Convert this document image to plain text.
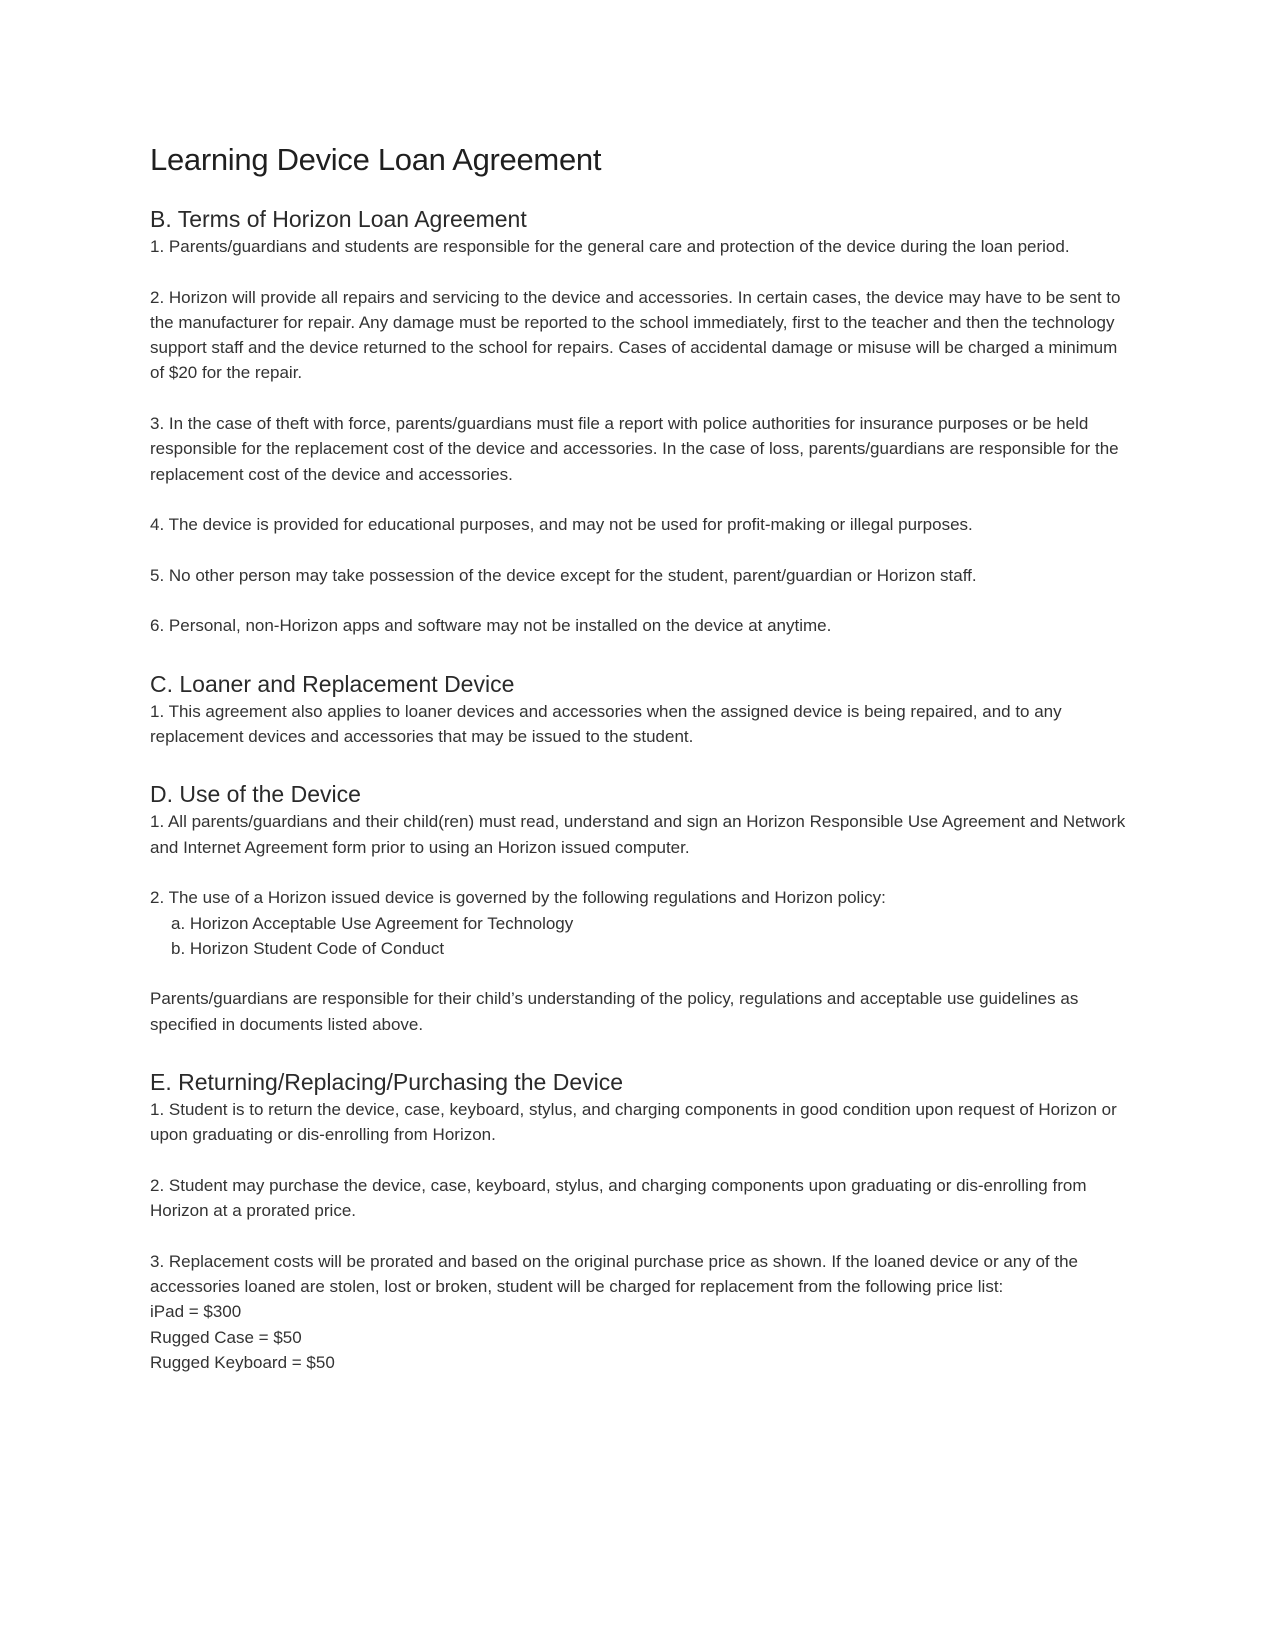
Learning Device Loan Agreement
B. Terms of Horizon Loan Agreement

1. Parents/guardians and students are responsible for the general care and protection of the device during the loan period.

2. Horizon will provide all repairs and servicing to the device and accessories. In certain cases, the device may have to be sent to the manufacturer for repair. Any damage must be reported to the school immediately, first to the teacher and then the technology support staff and the device returned to the school for repairs. Cases of accidental damage or misuse will be charged a minimum of $20 for the repair.

3. In the case of theft with force, parents/guardians must file a report with police authorities for insurance purposes or be held responsible for the replacement cost of the device and accessories. In the case of loss, parents/guardians are responsible for the replacement cost of the device and accessories.

4. The device is provided for educational purposes, and may not be used for profit-making or illegal purposes.

5. No other person may take possession of the device except for the student, parent/guardian or Horizon staff.

6. Personal, non-Horizon apps and software may not be installed on the device at anytime.

C. Loaner and Replacement Device

1. This agreement also applies to loaner devices and accessories when the assigned device is being repaired, and to any replacement devices and accessories that may be issued to the student.

D. Use of the Device

1. All parents/guardians and their child(ren) must read, understand and sign an Horizon Responsible Use Agreement and Network and Internet Agreement form prior to using an Horizon issued computer.

2. The use of a Horizon issued device is governed by the following regulations and Horizon policy:

a. Horizon Acceptable Use Agreement for Technology

b. Horizon Student Code of Conduct

Parents/guardians are responsible for their child’s understanding of the policy, regulations and acceptable use guidelines as specified in documents listed above.

E. Returning/Replacing/Purchasing the Device

1. Student is to return the device, case, keyboard, stylus, and charging components in good condition upon request of Horizon or upon graduating or dis-enrolling from Horizon.

2. Student may purchase the device, case, keyboard, stylus, and charging components upon graduating or dis-enrolling from Horizon at a prorated price.

3. Replacement costs will be prorated and based on the original purchase price as shown. If the loaned device or any of the accessories loaned are stolen, lost or broken, student will be charged for replacement from the following price list:

iPad = $300

Rugged Case = $50

Rugged Keyboard = $50
